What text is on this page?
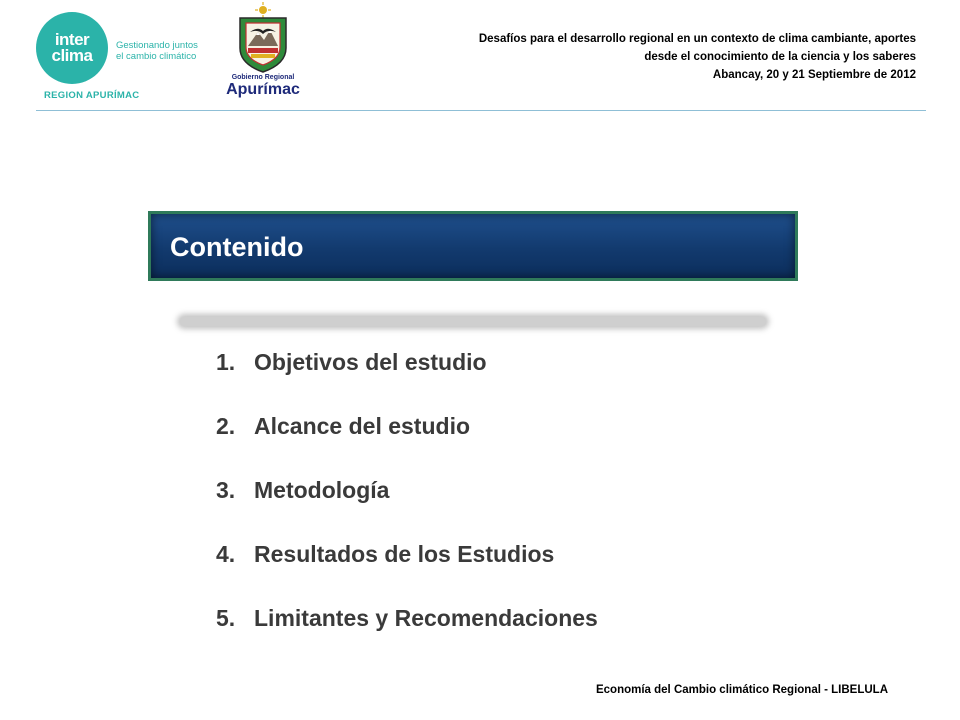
inter
clima
Gestionando juntos
el cambio climático
REGION APURÍMAC
Gobierno Regional
Apurímac
Desafíos para el desarrollo regional en un contexto de clima cambiante, aportes
desde el conocimiento de la ciencia y los saberes
Abancay, 20 y 21 Septiembre de 2012
Contenido
1. Objetivos del estudio
2. Alcance del estudio
3. Metodología
4. Resultados de los Estudios
5. Limitantes y Recomendaciones
Economía del Cambio climático Regional - LIBELULA
